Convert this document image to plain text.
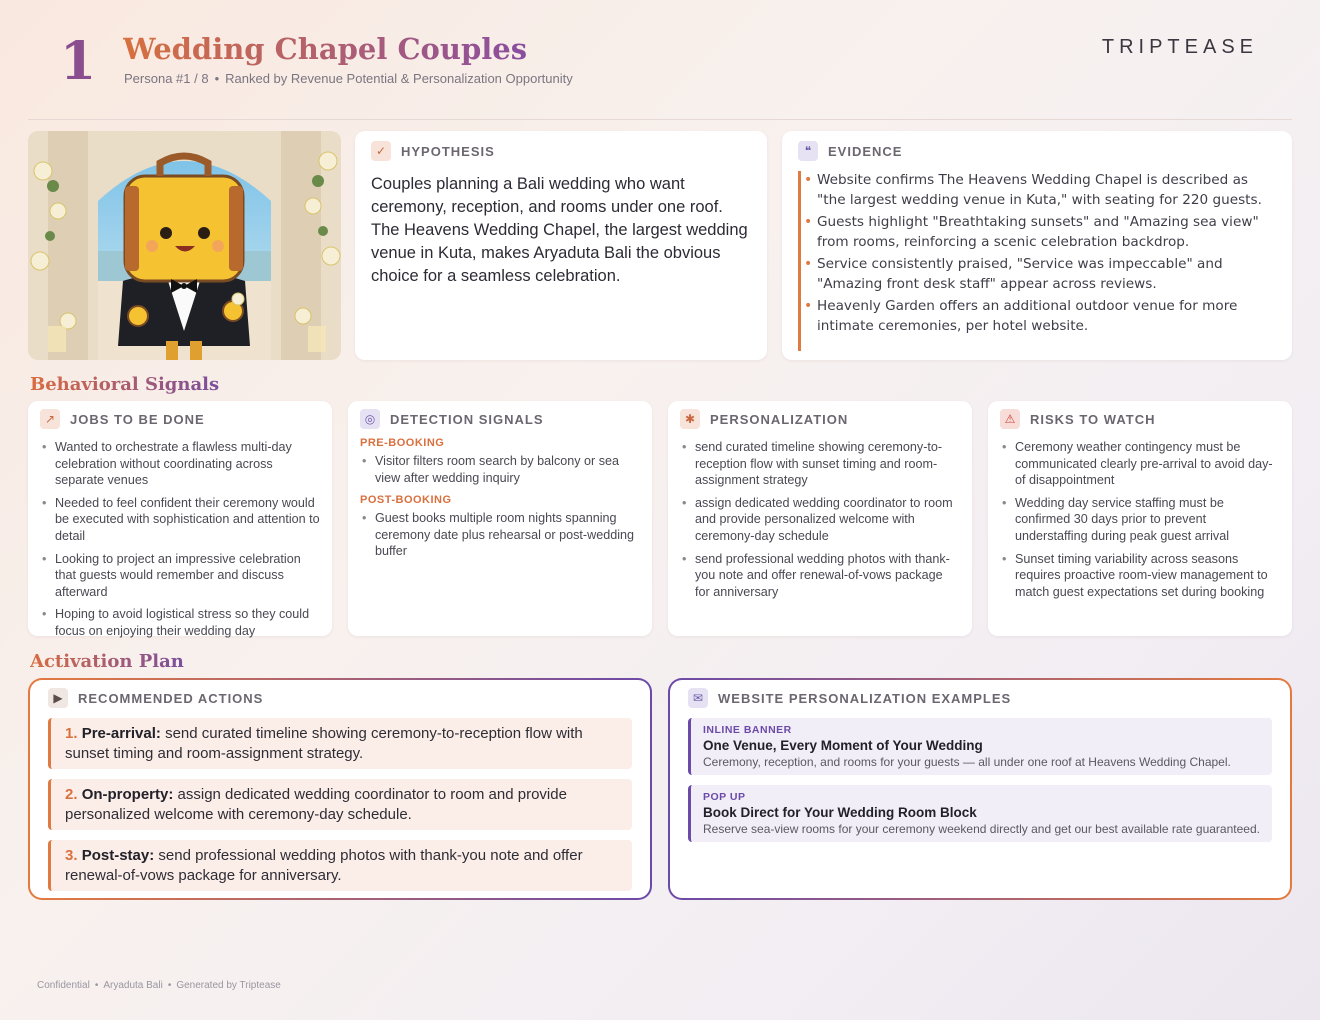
1 Wedding Chapel Couples
Persona #1 / 8 • Ranked by Revenue Potential & Personalization Opportunity
TRIPTEASE
✓	HYPOTHESIS

Couples planning a Bali wedding who want ceremony, reception, and rooms under one roof. The Heavens Wedding Chapel, the largest wedding venue in Kuta, makes Aryaduta Bali the obvious choice for a seamless celebration.

❝	EVIDENCE
• Website confirms The Heavens Wedding Chapel is described as "the largest wedding venue in Kuta," with seating for 220 guests.
• Guests highlight "Breathtaking sunsets" and "Amazing sea view" from rooms, reinforcing a scenic celebration backdrop.
• Service consistently praised, "Service was impeccable" and "Amazing front desk staff" appear across reviews.
• Heavenly Garden offers an additional outdoor venue for more intimate ceremonies, per hotel website.
Behavioral Signals
↗	JOBS TO BE DONE
• Wanted to orchestrate a flawless multi-day celebration without coordinating across separate venues
• Needed to feel confident their ceremony would be executed with sophistication and attention to detail
• Looking to project an impressive celebration that guests would remember and discuss afterward
• Hoping to avoid logistical stress so they could focus on enjoying their wedding day
◎	DETECTION SIGNALS
PRE-BOOKING
• Visitor filters room search by balcony or sea view after wedding inquiry
POST-BOOKING
• Guest books multiple room nights spanning ceremony date plus rehearsal or post-wedding buffer
✱	PERSONALIZATION
• send curated timeline showing ceremony-to-reception flow with sunset timing and room-assignment strategy
• assign dedicated wedding coordinator to room and provide personalized welcome with ceremony-day schedule
• send professional wedding photos with thank-you note and offer renewal-of-vows package for anniversary
⚠	RISKS TO WATCH
• Ceremony weather contingency must be communicated clearly pre-arrival to avoid day-of disappointment
• Wedding day service staffing must be confirmed 30 days prior to prevent understaffing during peak guest arrival
• Sunset timing variability across seasons requires proactive room-view management to match guest expectations set during booking
Activation Plan
▶	RECOMMENDED ACTIONS
1. Pre-arrival: send curated timeline showing ceremony-to-reception flow with sunset timing and room-assignment strategy.
2. On-property: assign dedicated wedding coordinator to room and provide personalized welcome with ceremony-day schedule.
3. Post-stay: send professional wedding photos with thank-you note and offer renewal-of-vows package for anniversary.
✉	WEBSITE PERSONALIZATION EXAMPLES
INLINE BANNER
One Venue, Every Moment of Your Wedding
Ceremony, reception, and rooms for your guests — all under one roof at Heavens Wedding Chapel.
POP UP
Book Direct for Your Wedding Room Block
Reserve sea-view rooms for your ceremony weekend directly and get our best available rate guaranteed.
Confidential • Aryaduta Bali • Generated by Triptease
